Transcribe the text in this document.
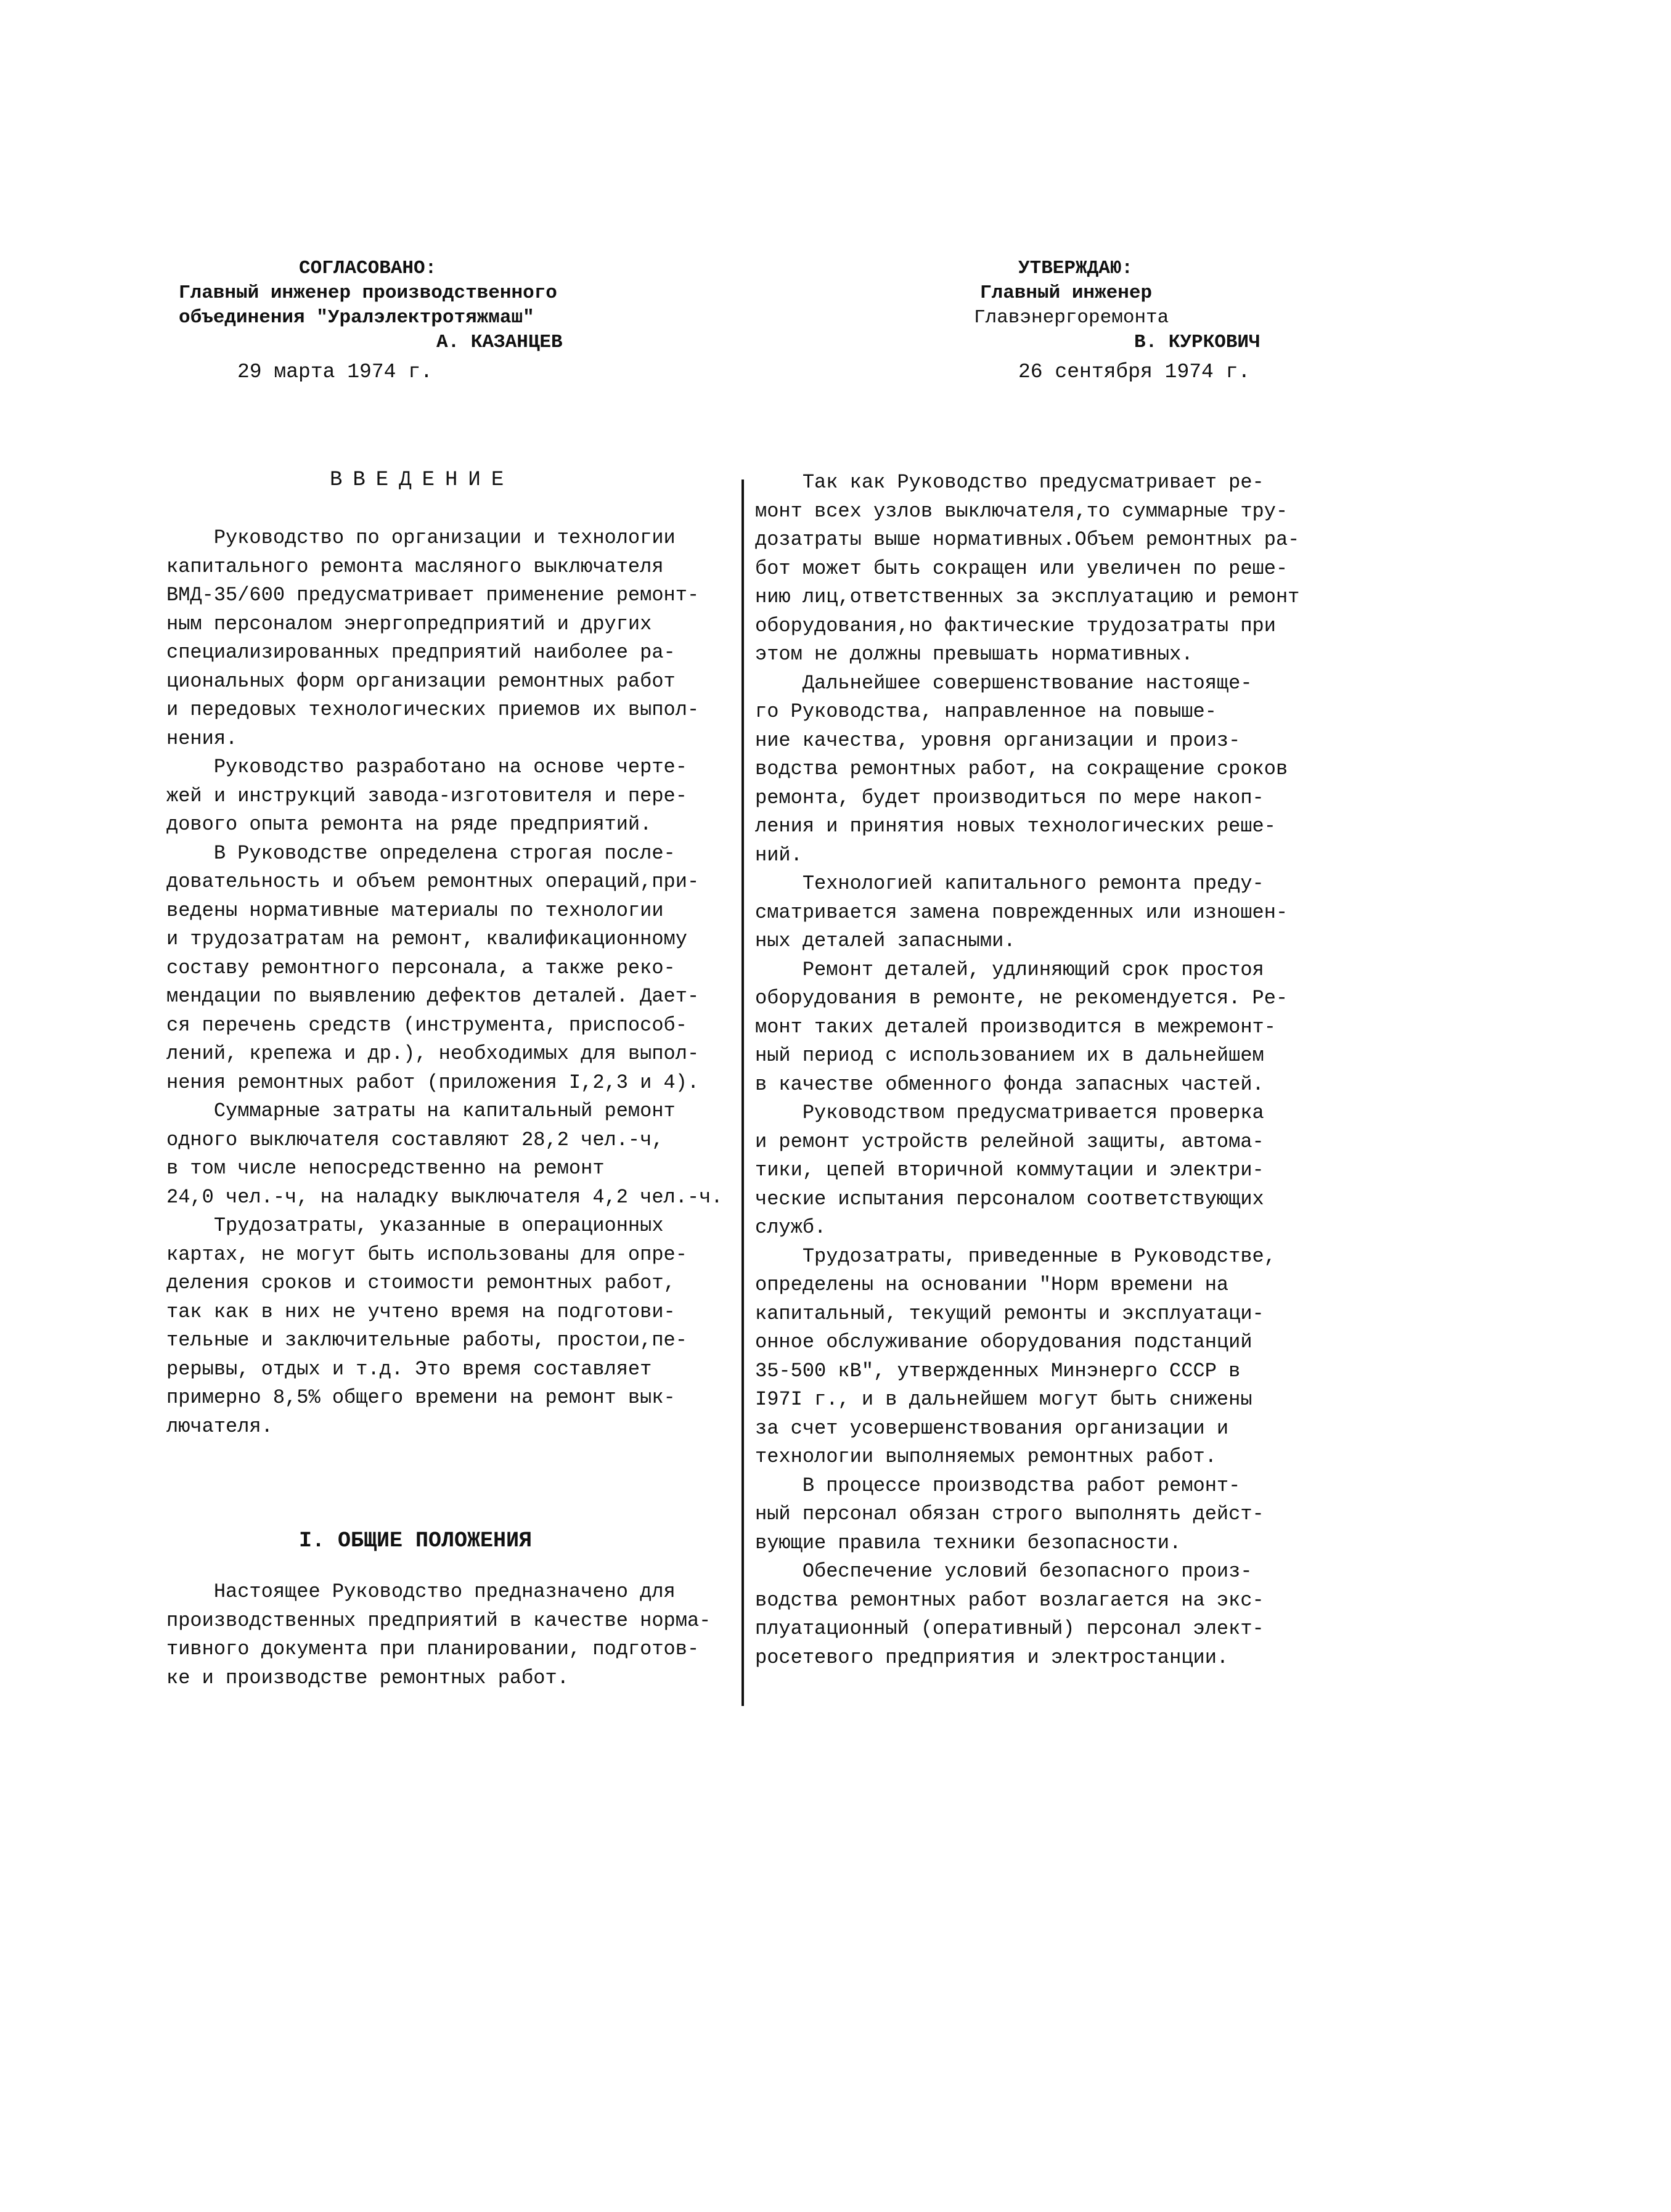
СОГЛАСОВАНО:
Главный инженер производственного
объединения "Уралэлектротяжмаш"
А. КАЗАНЦЕВ
29 марта 1974 г.
УТВЕРЖДАЮ:
Главный инженер
Главэнергоремонта
В. КУРКОВИЧ
26 сентября 1974 г.
ВВЕДЕНИЕ
Руководство по организации и технологии
капитального ремонта масляного выключателя
ВМД-35/600 предусматривает применение ремонт-
ным персоналом энергопредприятий и других
специализированных предприятий наиболее ра-
циональных форм организации ремонтных работ
и передовых технологических приемов их выпол-
нения.
Руководство разработано на основе черте-
жей и инструкций завода-изготовителя и пере-
дового опыта ремонта на ряде предприятий.
В Руководстве определена строгая после-
довательность и объем ремонтных операций,при-
ведены нормативные материалы по технологии
и трудозатратам на ремонт, квалификационному
составу ремонтного персонала, а также реко-
мендации по выявлению дефектов деталей. Дает-
ся перечень средств (инструмента, приспособ-
лений, крепежа и др.), необходимых для выпол-
нения ремонтных работ (приложения I,2,3 и 4).
Суммарные затраты на капитальный ремонт
одного выключателя составляют 28,2 чел.-ч,
в том числе непосредственно на ремонт
24,0 чел.-ч, на наладку выключателя 4,2 чел.-ч.
Трудозатраты, указанные в операционных
картах, не могут быть использованы для опре-
деления сроков и стоимости ремонтных работ,
так как в них не учтено время на подготови-
тельные и заключительные работы, простои,пе-
рерывы, отдых и т.д. Это время составляет
примерно 8,5% общего времени на ремонт вык-
лючателя.
I. ОБЩИЕ ПОЛОЖЕНИЯ
Настоящее Руководство предназначено для
производственных предприятий в качестве норма-
тивного документа при планировании, подготов-
ке и производстве ремонтных работ.
Так как Руководство предусматривает ре-
монт всех узлов выключателя,то суммарные тру-
дозатраты выше нормативных.Объем ремонтных ра-
бот может быть сокращен или увеличен по реше-
нию лиц,ответственных за эксплуатацию и ремонт
оборудования,но фактические трудозатраты при
этом не должны превышать нормативных.
Дальнейшее совершенствование настояще-
го Руководства, направленное на повыше-
ние качества, уровня организации и произ-
водства ремонтных работ, на сокращение сроков
ремонта, будет производиться по мере накоп-
ления и принятия новых технологических реше-
ний.
Технологией капитального ремонта преду-
сматривается замена поврежденных или изношен-
ных деталей запасными.
Ремонт деталей, удлиняющий срок простоя
оборудования в ремонте, не рекомендуется. Ре-
монт таких деталей производится в межремонт-
ный период с использованием их в дальнейшем
в качестве обменного фонда запасных частей.
Руководством предусматривается проверка
и ремонт устройств релейной защиты, автома-
тики, цепей вторичной коммутации и электри-
ческие испытания персоналом соответствующих
служб.
Трудозатраты, приведенные в Руководстве,
определены на основании "Норм времени на
капитальный, текущий ремонты и эксплуатаци-
онное обслуживание оборудования подстанций
35-500 кВ", утвержденных Минэнерго СССР в
I97I г., и в дальнейшем могут быть снижены
за счет усовершенствования организации и
технологии выполняемых ремонтных работ.
В процессе производства работ ремонт-
ный персонал обязан строго выполнять дейст-
вующие правила техники безопасности.
Обеспечение условий безопасного произ-
водства ремонтных работ возлагается на экс-
плуатационный (оперативный) персонал элект-
росетевого предприятия и электростанции.
